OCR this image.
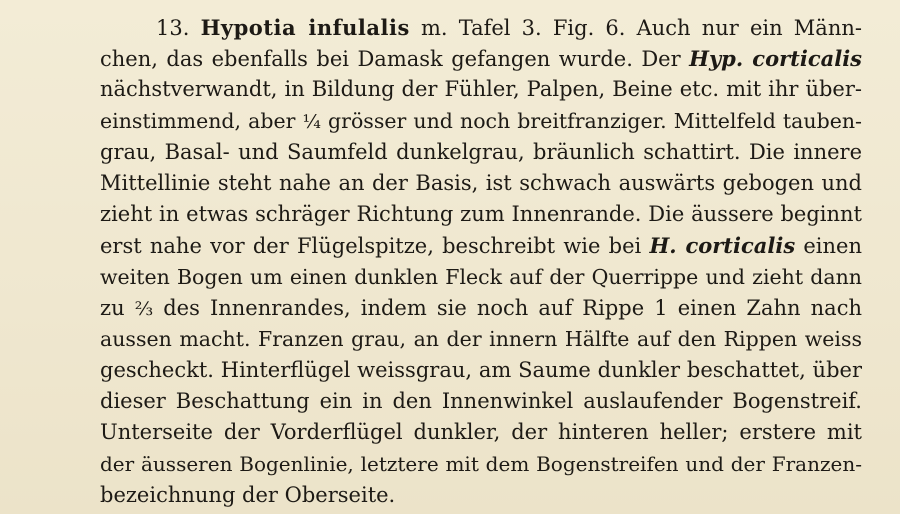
13. Hypotia infulalis m. Tafel 3. Fig. 6. Auch nur ein Männ-
chen, das ebenfalls bei Damask gefangen wurde. Der Hyp. corticalis
nächstverwandt, in Bildung der Fühler, Palpen, Beine etc. mit ihr über-
einstimmend, aber ¼ grösser und noch breitfranziger. Mittelfeld tauben-
grau, Basal- und Saumfeld dunkelgrau, bräunlich schattirt. Die innere
Mittellinie steht nahe an der Basis, ist schwach auswärts gebogen und
zieht in etwas schräger Richtung zum Innenrande. Die äussere beginnt
erst nahe vor der Flügelspitze, beschreibt wie bei H. corticalis einen
weiten Bogen um einen dunklen Fleck auf der Querrippe und zieht dann
zu ⅔ des Innenrandes, indem sie noch auf Rippe 1 einen Zahn nach
aussen macht. Franzen grau, an der innern Hälfte auf den Rippen weiss
gescheckt. Hinterflügel weissgrau, am Saume dunkler beschattet, über
dieser Beschattung ein in den Innenwinkel auslaufender Bogenstreif.
Unterseite der Vorderflügel dunkler, der hinteren heller; erstere mit
der äusseren Bogenlinie, letztere mit dem Bogenstreifen und der Franzen-
bezeichnung der Oberseite.
